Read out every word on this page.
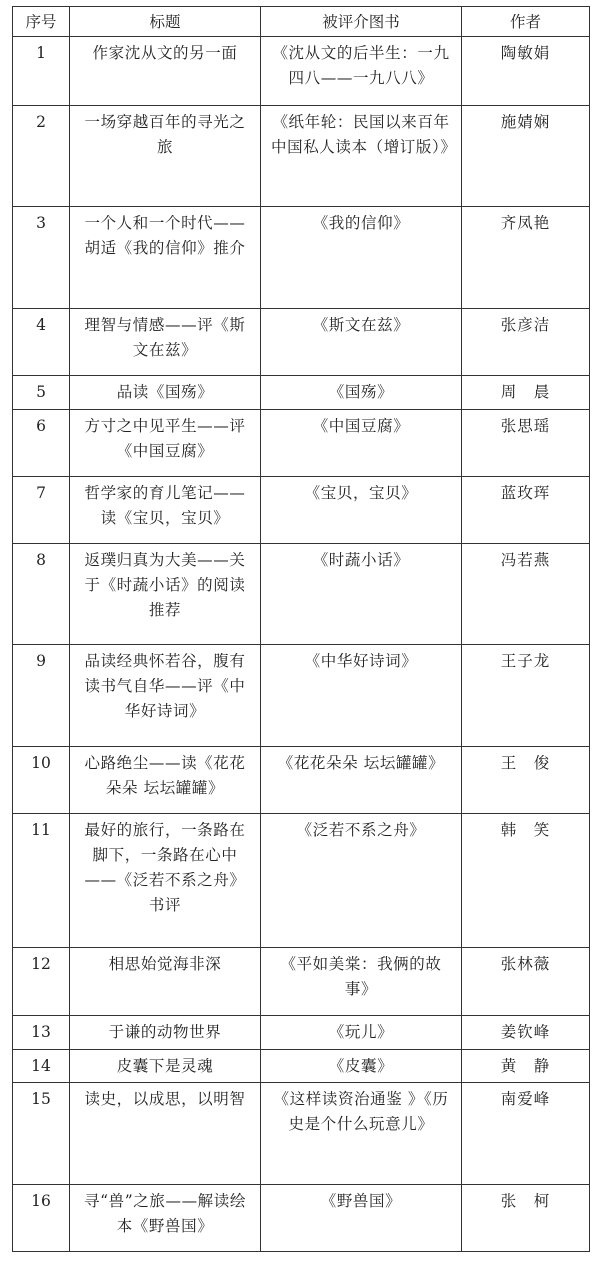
序号	标题	被评介图书	作者
1	作家沈从文的另一面	《沈从文的后半生：一九四八——一九八八》	陶敏娟
2	一场穿越百年的寻光之旅	《纸年轮：民国以来百年中国私人读本（增订版）》	施婧娴
3	一个人和一个时代——胡适《我的信仰》推介	《我的信仰》	齐凤艳
4	理智与情感——评《斯文在兹》	《斯文在兹》	张彦洁
5	品读《国殇》	《国殇》	周　晨
6	方寸之中见平生——评《中国豆腐》	《中国豆腐》	张思瑶
7	哲学家的育儿笔记——读《宝贝，宝贝》	《宝贝，宝贝》	蓝玫珲
8	返璞归真为大美——关于《时蔬小话》的阅读推荐	《时蔬小话》	冯若燕
9	品读经典怀若谷，腹有读书气自华——评《中华好诗词》	《中华好诗词》	王子龙
10	心路绝尘——读《花花朵朵 坛坛罐罐》	《花花朵朵 坛坛罐罐》	王　俊
11	最好的旅行，一条路在脚下，一条路在心中——《泛若不系之舟》书评	《泛若不系之舟》	韩　笑
12	相思始觉海非深	《平如美棠：我俩的故事》	张林薇
13	于谦的动物世界	《玩儿》	姜钦峰
14	皮囊下是灵魂	《皮囊》	黄　静
15	读史，以成思，以明智	《这样读资治通鉴 》《历史是个什么玩意儿》	南爱峰
16	寻“兽”之旅——解读绘本《野兽国》	《野兽国》	张　柯
